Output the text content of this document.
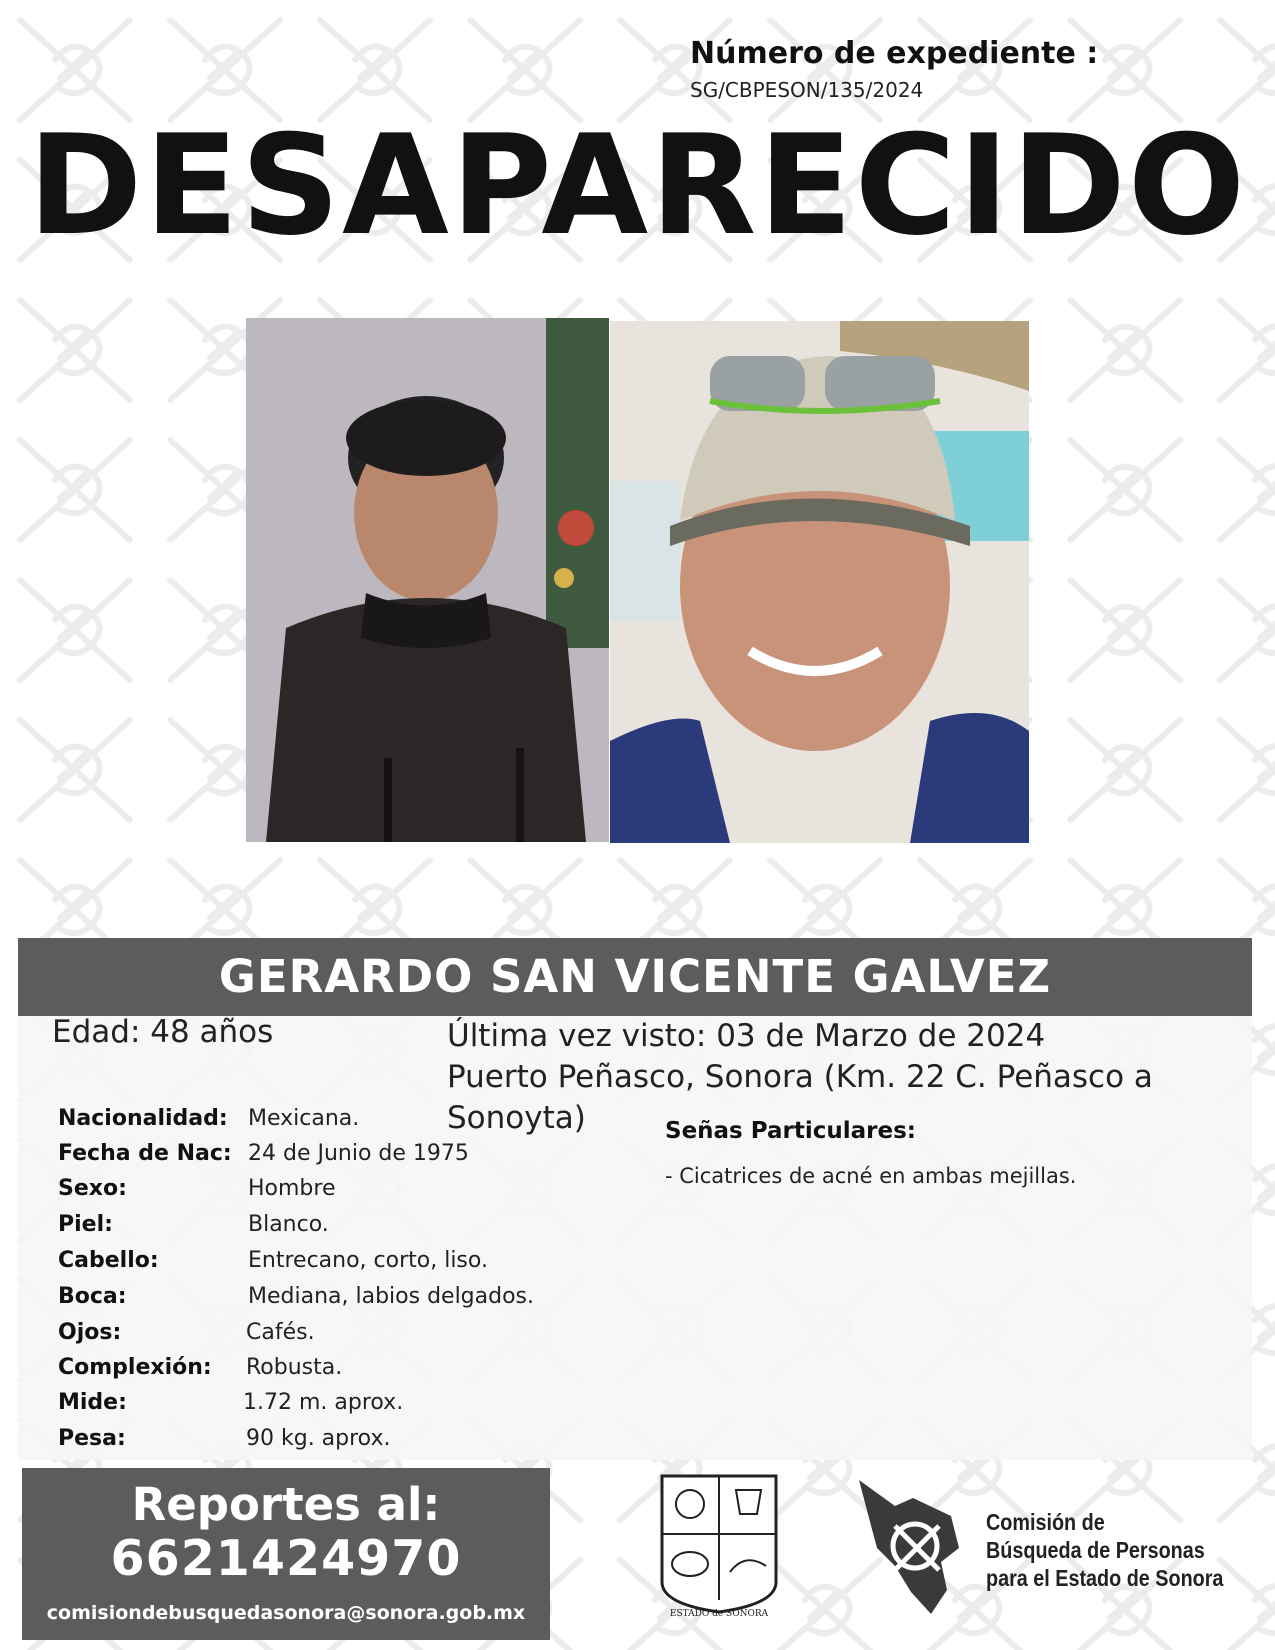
Número de expediente :
SG/CBPESON/135/2024
DESAPARECIDO
GERARDO SAN VICENTE GALVEZ
Edad: 48 años	Última vez visto: 03 de Marzo de 2024
Puerto Peñasco, Sonora (Km. 22 C. Peñasco a Sonoyta)
Nacionalidad: Mexicana.
Fecha de Nac: 24 de Junio de 1975
Sexo:	Hombre
Piel:	Blanco.
Cabello:	Entrecano, corto, liso.
Boca:	Mediana, labios delgados.
Ojos:	Cafés.
Complexión: Robusta.
Mide:	1.72 m. aprox.
Pesa:	90 kg. aprox.
Señas Particulares:
- Cicatrices de acné en ambas mejillas.
Reportes al:
6621424970
comisiondebusquedasonora@sonora.gob.mx	ESTADO de SONORA
Comisión de
Búsqueda de Personas
para el Estado de Sonora
